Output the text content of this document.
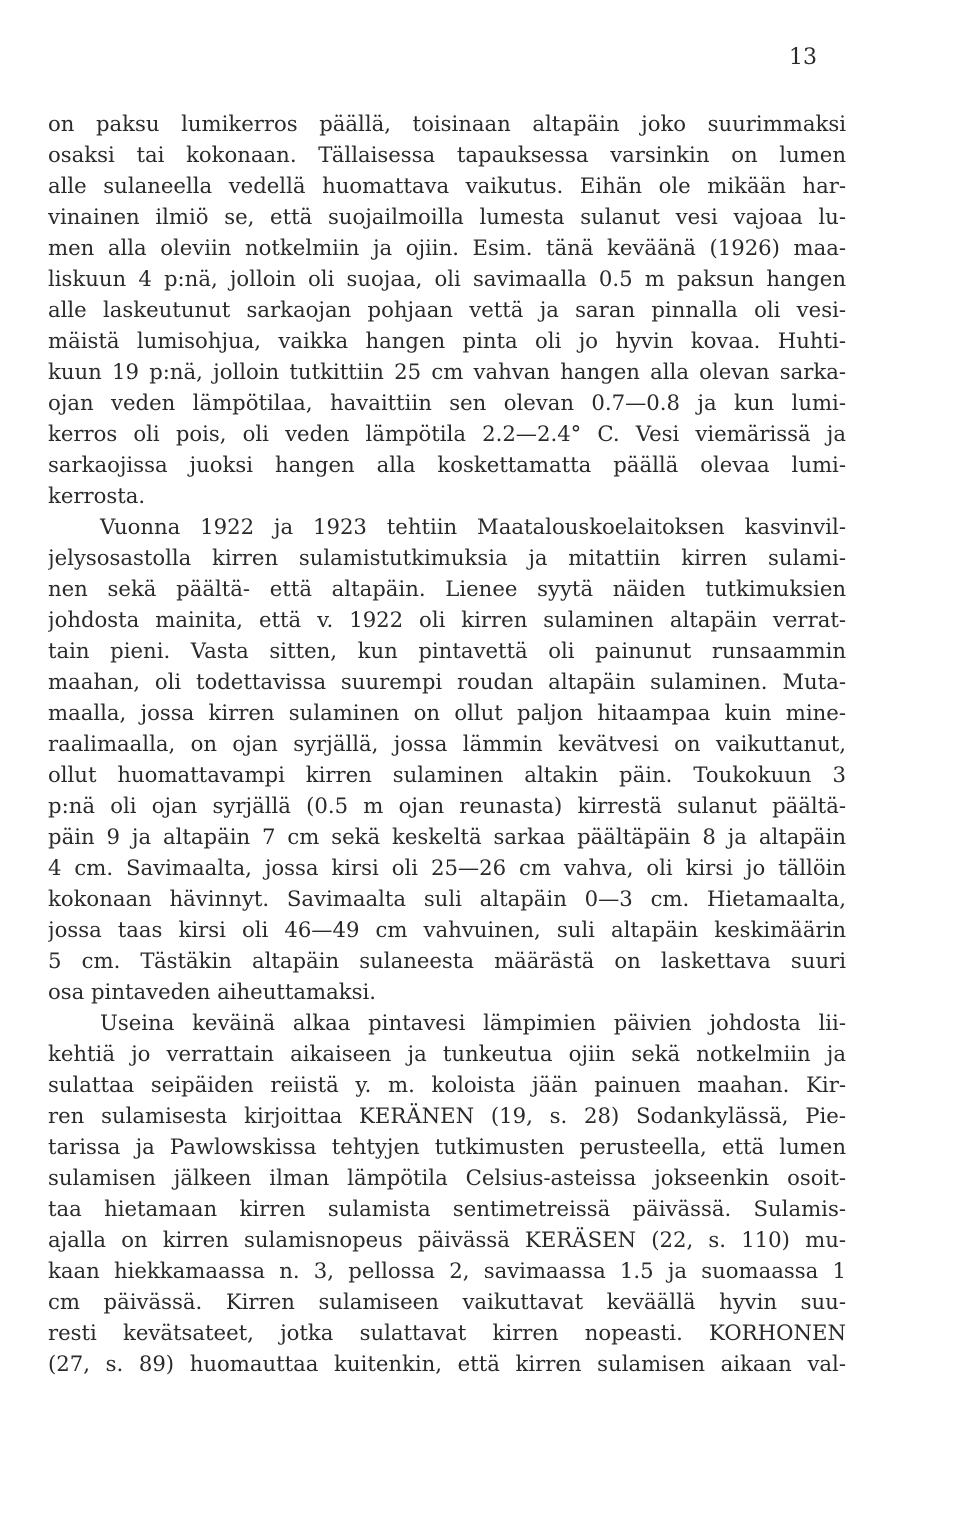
13
on paksu lumikerros päällä, toisinaan altapäin joko suurimmaksi
osaksi tai kokonaan. Tällaisessa tapauksessa varsinkin on lumen
alle sulaneella vedellä huomattava vaikutus. Eihän ole mikään har-
vinainen ilmiö se, että suojailmoilla lumesta sulanut vesi vajoaa lu-
men alla oleviin notkelmiin ja ojiin. Esim. tänä keväänä (1926) maa-
liskuun 4 p:nä, jolloin oli suojaa, oli savimaalla 0.5 m paksun hangen
alle laskeutunut sarkaojan pohjaan vettä ja saran pinnalla oli vesi-
mäistä lumisohjua, vaikka hangen pinta oli jo hyvin kovaa. Huhti-
kuun 19 p:nä, jolloin tutkittiin 25 cm vahvan hangen alla olevan sarka-
ojan veden lämpötilaa, havaittiin sen olevan 0.7—0.8 ja kun lumi-
kerros oli pois, oli veden lämpötila 2.2—2.4° C. Vesi viemärissä ja
sarkaojissa juoksi hangen alla koskettamatta päällä olevaa lumi-
kerrosta.
Vuonna 1922 ja 1923 tehtiin Maatalouskoelaitoksen kasvinvil-
jelysosastolla kirren sulamistutkimuksia ja mitattiin kirren sulami-
nen sekä päältä- että altapäin. Lienee syytä näiden tutkimuksien
johdosta mainita, että v. 1922 oli kirren sulaminen altapäin verrat-
tain pieni. Vasta sitten, kun pintavettä oli painunut runsaammin
maahan, oli todettavissa suurempi roudan altapäin sulaminen. Muta-
maalla, jossa kirren sulaminen on ollut paljon hitaampaa kuin mine-
raalimaalla, on ojan syrjällä, jossa lämmin kevätvesi on vaikuttanut,
ollut huomattavampi kirren sulaminen altakin päin. Toukokuun 3
p:nä oli ojan syrjällä (0.5 m ojan reunasta) kirrestä sulanut päältä-
päin 9 ja altapäin 7 cm sekä keskeltä sarkaa päältäpäin 8 ja altapäin
4 cm. Savimaalta, jossa kirsi oli 25—26 cm vahva, oli kirsi jo tällöin
kokonaan hävinnyt. Savimaalta suli altapäin 0—3 cm. Hietamaalta,
jossa taas kirsi oli 46—49 cm vahvuinen, suli altapäin keskimäärin
5 cm. Tästäkin altapäin sulaneesta määrästä on laskettava suuri
osa pintaveden aiheuttamaksi.
Useina keväinä alkaa pintavesi lämpimien päivien johdosta lii-
kehtiä jo verrattain aikaiseen ja tunkeutua ojiin sekä notkelmiin ja
sulattaa seipäiden reiistä y. m. koloista jään painuen maahan. Kir-
ren sulamisesta kirjoittaa KERÄNEN (19, s. 28) Sodankylässä, Pie-
tarissa ja Pawlowskissa tehtyjen tutkimusten perusteella, että lumen
sulamisen jälkeen ilman lämpötila Celsius-asteissa jokseenkin osoit-
taa hietamaan kirren sulamista sentimetreissä päivässä. Sulamis-
ajalla on kirren sulamisnopeus päivässä KERÄSEN (22, s. 110) mu-
kaan hiekkamaassa n. 3, pellossa 2, savimaassa 1.5 ja suomaassa 1
cm päivässä. Kirren sulamiseen vaikuttavat keväällä hyvin suu-
resti kevätsateet, jotka sulattavat kirren nopeasti. KORHONEN
(27, s. 89) huomauttaa kuitenkin, että kirren sulamisen aikaan val-
